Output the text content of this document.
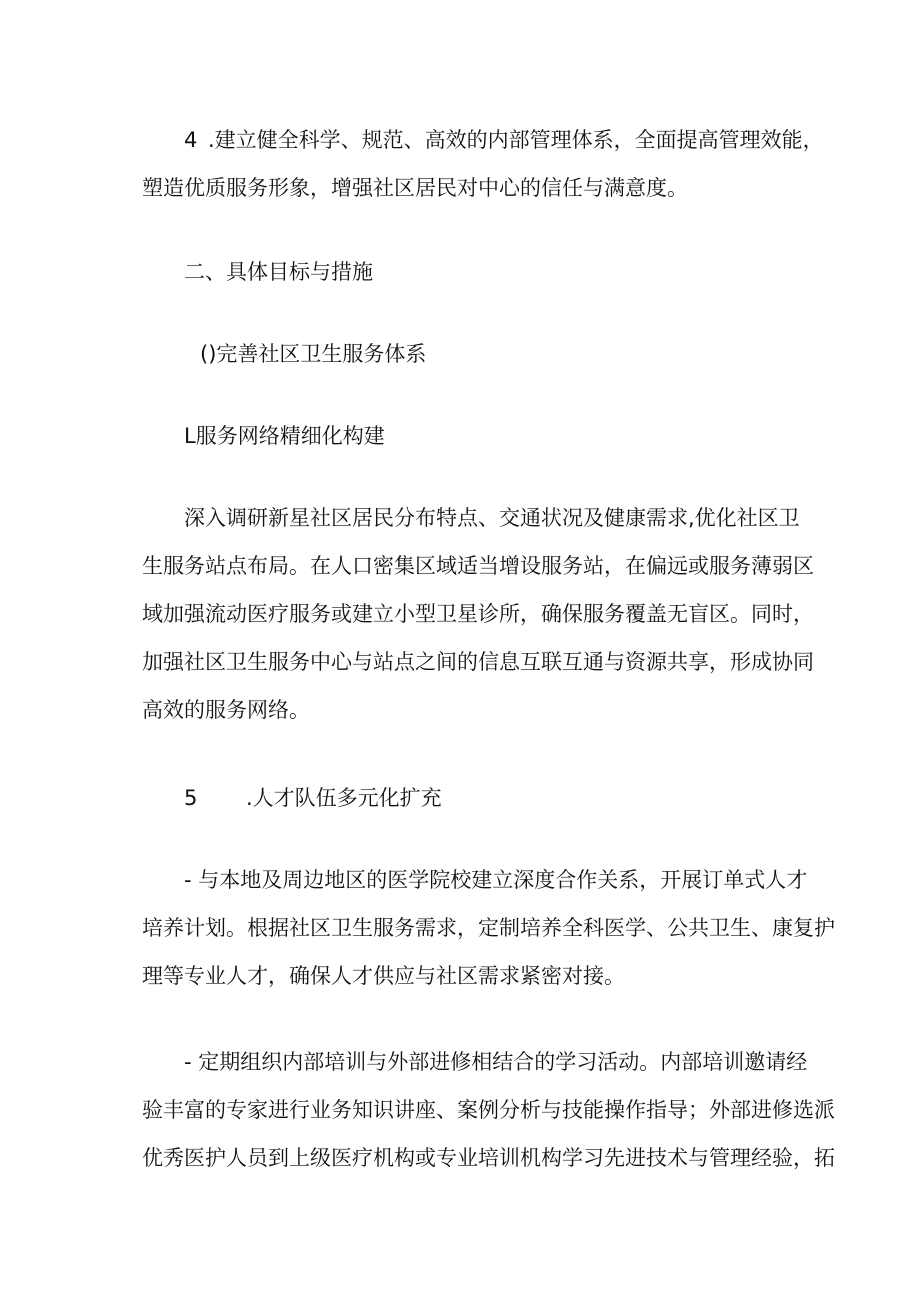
4 .建立健全科学、规范、高效的内部管理体系，全面提高管理效能，
塑造优质服务形象，增强社区居民对中心的信任与满意度。
二、具体目标与措施
()完善社区卫生服务体系
L服务网络精细化构建
深入调研新星社区居民分布特点、交通状况及健康需求,优化社区卫
生服务站点布局。在人口密集区域适当增设服务站，在偏远或服务薄弱区
域加强流动医疗服务或建立小型卫星诊所，确保服务覆盖无盲区。同时，
加强社区卫生服务中心与站点之间的信息互联互通与资源共享，形成协同
高效的服务网络。
5 .人才队伍多元化扩充
- 与本地及周边地区的医学院校建立深度合作关系，开展订单式人才
培养计划。根据社区卫生服务需求，定制培养全科医学、公共卫生、康复护
理等专业人才，确保人才供应与社区需求紧密对接。
- 定期组织内部培训与外部进修相结合的学习活动。内部培训邀请经
验丰富的专家进行业务知识讲座、案例分析与技能操作指导；外部进修选派
优秀医护人员到上级医疗机构或专业培训机构学习先进技术与管理经验，拓
